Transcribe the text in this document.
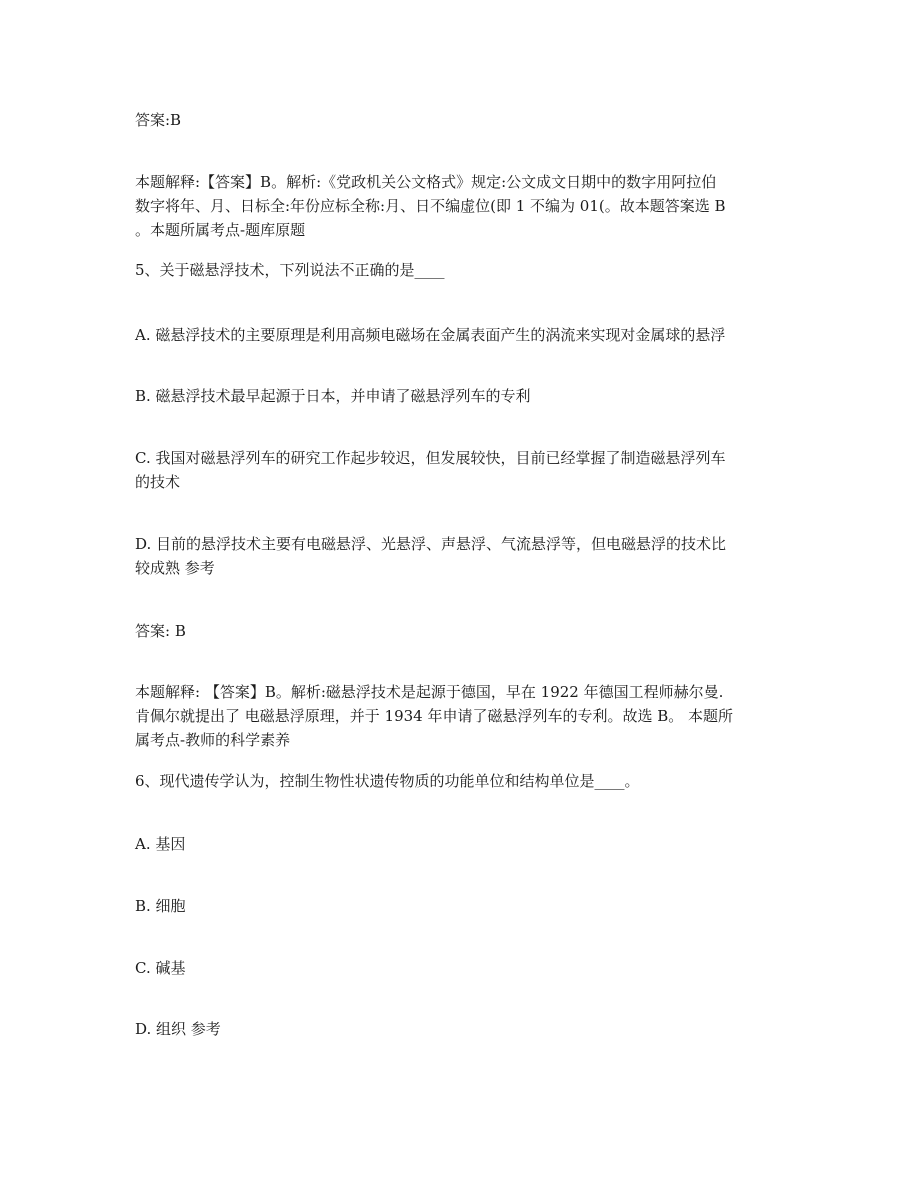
答案:B

本题解释:【答案】B。解析:《党政机关公文格式》规定:公文成文日期中的数字用阿拉伯
数字将年、月、日标全:年份应标全称:月、日不编虚位(即 1 不编为 01(。故本题答案选 B
。本题所属考点-题库原题

5、关于磁悬浮技术，下列说法不正确的是____

A. 磁悬浮技术的主要原理是利用高频电磁场在金属表面产生的涡流来实现对金属球的悬浮

B. 磁悬浮技术最早起源于日本，并申请了磁悬浮列车的专利

C. 我国对磁悬浮列车的研究工作起步较迟，但发展较快，目前已经掌握了制造磁悬浮列车
的技术

D. 目前的悬浮技术主要有电磁悬浮、光悬浮、声悬浮、气流悬浮等，但电磁悬浮的技术比
较成熟 参考

答案: B

本题解释: 【答案】B。解析:磁悬浮技术是起源于德国，早在 1922 年德国工程师赫尔曼.
肯佩尔就提出了 电磁悬浮原理，并于 1934 年申请了磁悬浮列车的专利。故选 B。 本题所
属考点-教师的科学素养

6、现代遗传学认为，控制生物性状遗传物质的功能单位和结构单位是____。

A. 基因

B. 细胞

C. 碱基

D. 组织 参考
